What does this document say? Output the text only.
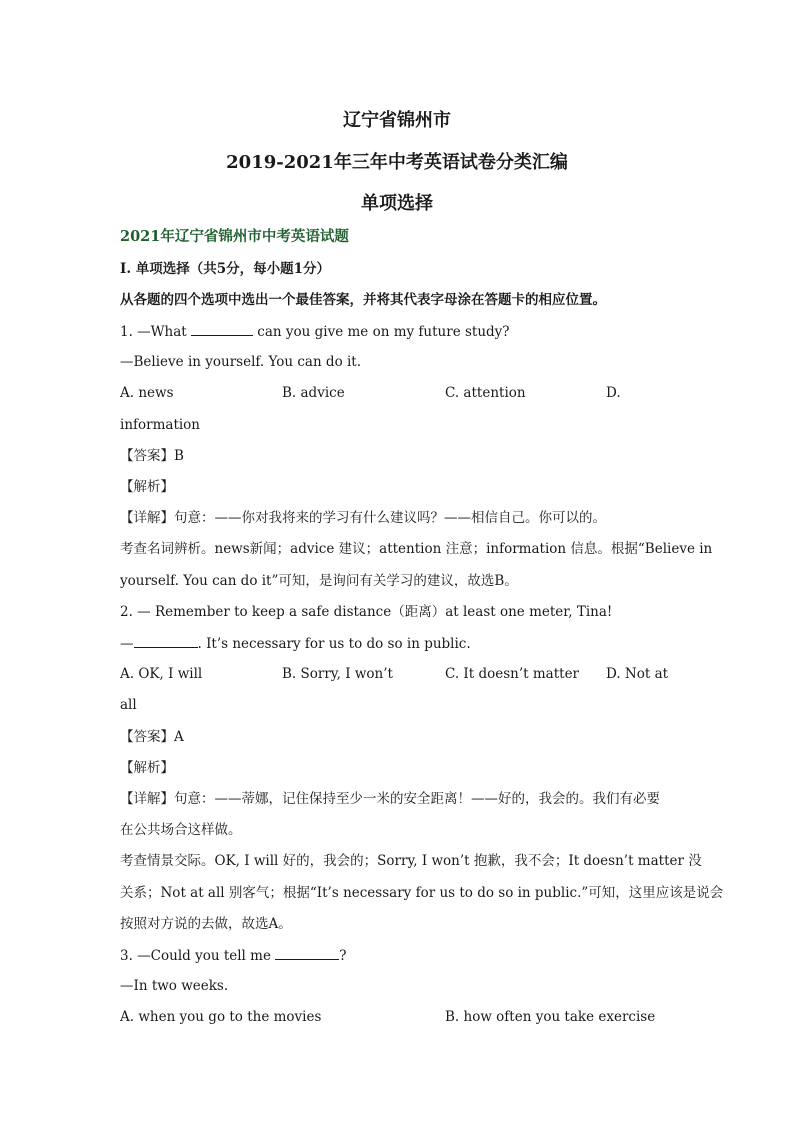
辽宁省锦州市
2019-2021年三年中考英语试卷分类汇编
单项选择
2021年辽宁省锦州市中考英语试题
I. 单项选择（共5分，每小题1分）
从各题的四个选项中选出一个最佳答案，并将其代表字母涂在答题卡的相应位置。
1. —What	can you give me on my future study?
—Believe in yourself. You can do it.
A. news	B. advice	C. attention	D.
information
【答案】B
【解析】
【详解】句意：——你对我将来的学习有什么建议吗？——相信自己。你可以的。
考查名词辨析。news新闻；advice 建议；attention 注意；information 信息。根据“Believe in
yourself. You can do it”可知，是询问有关学习的建议，故选B。
2. — Remember to keep a safe distance（距离）at least one meter, Tina!
—	. It’s necessary for us to do so in public.
A. OK, I will	B. Sorry, I won’t	C. It doesn’t matter D. Not at
all
【答案】A
【解析】
【详解】句意：——蒂娜，记住保持至少一米的安全距离！——好的，我会的。我们有必要
在公共场合这样做。
考查情景交际。OK, I will 好的，我会的；Sorry, I won’t 抱歉，我不会；It doesn’t matter 没
关系；Not at all 别客气；根据“It’s necessary for us to do so in public.”可知，这里应该是说会
按照对方说的去做，故选A。
3. —Could you tell me	?
—In two weeks.
A. when you go to the movies	B. how often you take exercise
